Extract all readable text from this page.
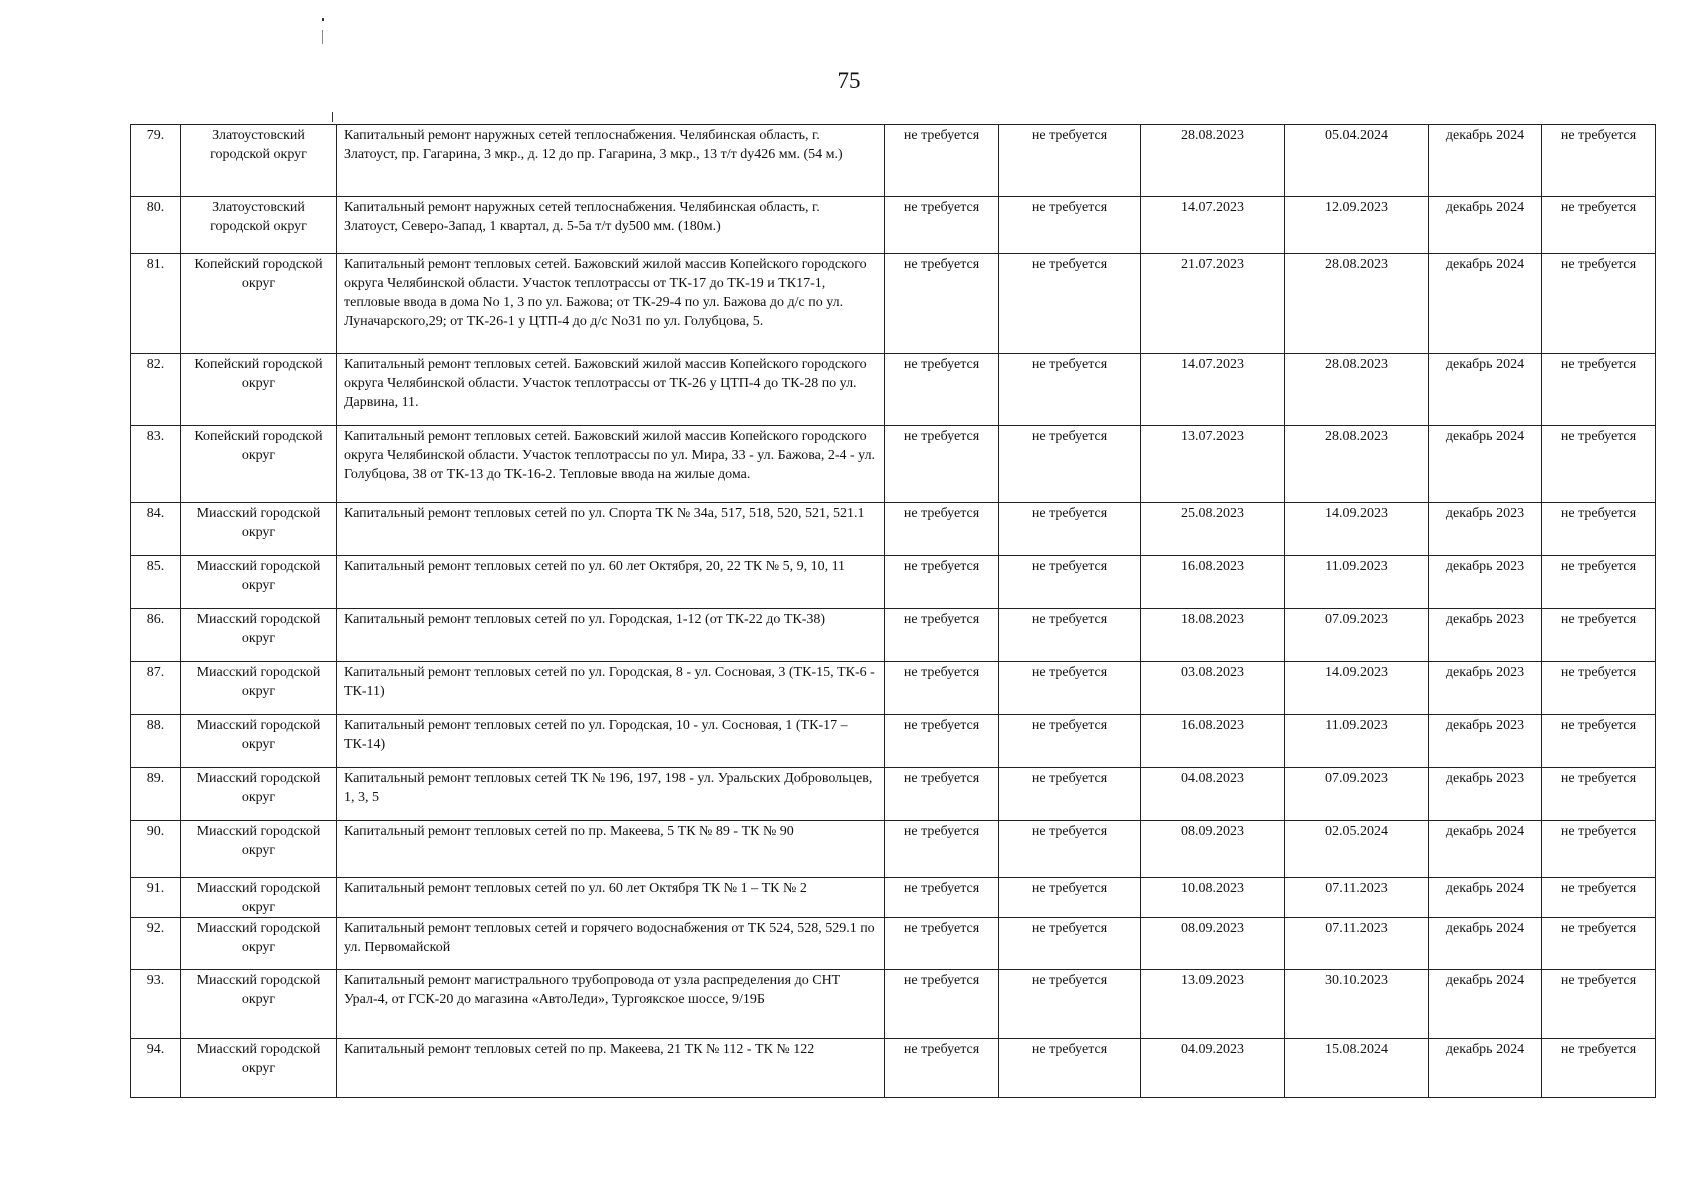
75
79.	Златоустовский городской округ	Капитальный ремонт наружных сетей теплоснабжения. Челябинская область, г. Златоуст, пр. Гагарина, 3 мкр., д. 12 до пр. Гагарина, 3 мкр., 13 т/т dy426 мм. (54 м.)	не требуется	не требуется	28.08.2023	05.04.2024	декабрь 2024	не требуется
80.	Златоустовский городской округ	Капитальный ремонт наружных сетей теплоснабжения. Челябинская область, г. Златоуст, Северо-Запад, 1 квартал, д. 5-5а т/т dy500 мм. (180м.)	не требуется	не требуется	14.07.2023	12.09.2023	декабрь 2024	не требуется
81.	Копейский городской округ	Капитальный ремонт тепловых сетей. Бажовский жилой массив Копейского городского округа Челябинской области. Участок теплотрассы от ТК-17 до ТК-19 и ТК17-1, тепловые ввода в дома No 1, 3 по ул. Бажова; от ТК-29-4 по ул. Бажова до д/с по ул. Луначарского,29; от ТК-26-1 у ЦТП-4 до д/с No31 по ул. Голубцова, 5.	не требуется	не требуется	21.07.2023	28.08.2023	декабрь 2024	не требуется
82.	Копейский городской округ	Капитальный ремонт тепловых сетей. Бажовский жилой массив Копейского городского округа Челябинской области. Участок теплотрассы от ТК-26 у ЦТП-4 до ТК-28 по ул. Дарвина, 11.	не требуется	не требуется	14.07.2023	28.08.2023	декабрь 2024	не требуется
83.	Копейский городской округ	Капитальный ремонт тепловых сетей. Бажовский жилой массив Копейского городского округа Челябинской области. Участок теплотрассы по ул. Мира, 33 - ул. Бажова, 2-4 - ул. Голубцова, 38 от ТК-13 до ТК-16-2. Тепловые ввода на жилые дома.	не требуется	не требуется	13.07.2023	28.08.2023	декабрь 2024	не требуется
84.	Миасский городской округ	Капитальный ремонт тепловых сетей по ул. Спорта ТК № 34а, 517, 518, 520, 521, 521.1	не требуется	не требуется	25.08.2023	14.09.2023	декабрь 2023	не требуется
85.	Миасский городской округ	Капитальный ремонт тепловых сетей по ул. 60 лет Октября, 20, 22 ТК № 5, 9, 10, 11	не требуется	не требуется	16.08.2023	11.09.2023	декабрь 2023	не требуется
86.	Миасский городской округ	Капитальный ремонт тепловых сетей по ул. Городская, 1-12 (от ТК-22 до ТК-38)	не требуется	не требуется	18.08.2023	07.09.2023	декабрь 2023	не требуется
87.	Миасский городской округ	Капитальный ремонт тепловых сетей по ул. Городская, 8 - ул. Сосновая, 3 (ТК-15, ТК-6 - ТК-11)	не требуется	не требуется	03.08.2023	14.09.2023	декабрь 2023	не требуется
88.	Миасский городской округ	Капитальный ремонт тепловых сетей по ул. Городская, 10 - ул. Сосновая, 1 (ТК-17 – ТК-14)	не требуется	не требуется	16.08.2023	11.09.2023	декабрь 2023	не требуется
89.	Миасский городской округ	Капитальный ремонт тепловых сетей ТК № 196, 197, 198 - ул. Уральских Добровольцев, 1, 3, 5	не требуется	не требуется	04.08.2023	07.09.2023	декабрь 2023	не требуется
90.	Миасский городской округ	Капитальный ремонт тепловых сетей по пр. Макеева, 5 ТК № 89 - ТК № 90	не требуется	не требуется	08.09.2023	02.05.2024	декабрь 2024	не требуется
91.	Миасский городской округ	Капитальный ремонт тепловых сетей по ул. 60 лет Октября ТК № 1 – ТК № 2	не требуется	не требуется	10.08.2023	07.11.2023	декабрь 2024	не требуется
92.	Миасский городской округ	Капитальный ремонт тепловых сетей и горячего водоснабжения от ТК 524, 528, 529.1 по ул. Первомайской	не требуется	не требуется	08.09.2023	07.11.2023	декабрь 2024	не требуется
93.	Миасский городской округ	Капитальный ремонт магистрального трубопровода от узла распределения до СНТ Урал-4, от ГСК-20 до магазина «АвтоЛеди», Тургоякское шоссе, 9/19Б	не требуется	не требуется	13.09.2023	30.10.2023	декабрь 2024	не требуется
94.	Миасский городской округ	Капитальный ремонт тепловых сетей по пр. Макеева, 21 ТК № 112 - ТК № 122	не требуется	не требуется	04.09.2023	15.08.2024	декабрь 2024	не требуется
